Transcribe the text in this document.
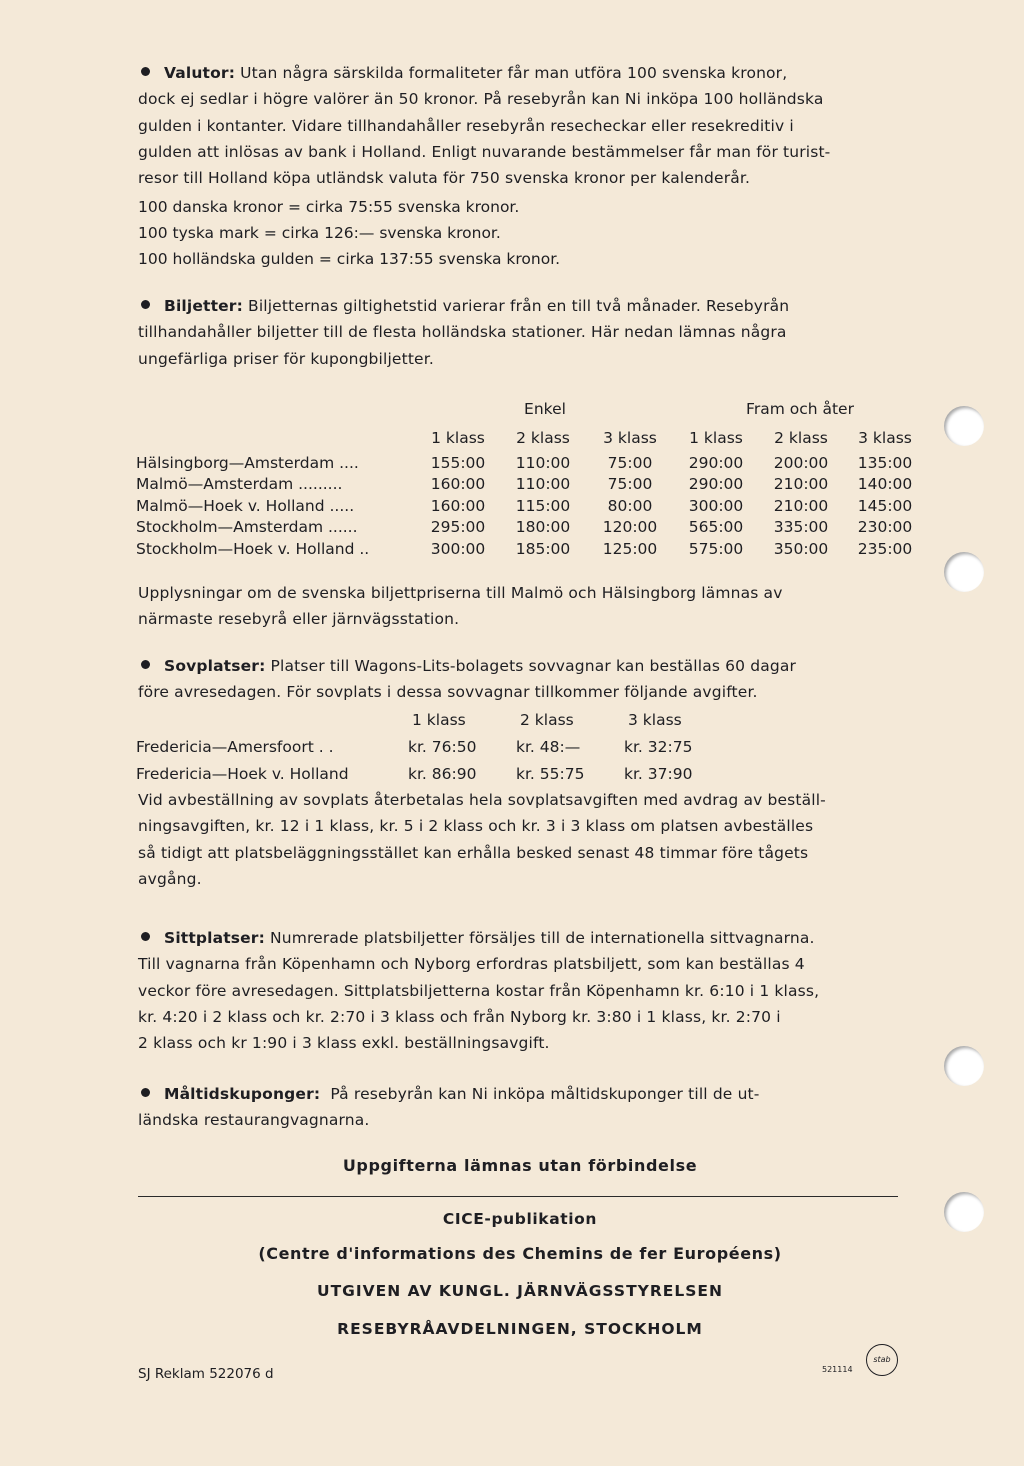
Valutor: Utan några särskilda formaliteter får man utföra 100 svenska kronor,
dock ej sedlar i högre valörer än 50 kronor. På resebyrån kan Ni inköpa 100 holländska
gulden i kontanter. Vidare tillhandahåller resebyrån resecheckar eller resekreditiv i
gulden att inlösas av bank i Holland. Enligt nuvarande bestämmelser får man för turist-
resor till Holland köpa utländsk valuta för 750 svenska kronor per kalenderår.

100 danska kronor = cirka 75:55 svenska kronor.
100 tyska mark = cirka 126:— svenska kronor.
100 holländska gulden = cirka 137:55 svenska kronor.

Biljetter: Biljetternas giltighetstid varierar från en till två månader. Resebyrån
tillhandahåller biljetter till de flesta holländska stationer. Här nedan lämnas några
ungefärliga priser för kupongbiljetter.

	Enkel			Fram och åter		
	1 klass	2 klass	3 klass	1 klass	2 klass	3 klass
Hälsingborg—Amsterdam ....	155:00	110:00	75:00	290:00	200:00	135:00
Malmö—Amsterdam .........	160:00	110:00	75:00	290:00	210:00	140:00
Malmö—Hoek v. Holland .....	160:00	115:00	80:00	300:00	210:00	145:00
Stockholm—Amsterdam ......	295:00	180:00	120:00	565:00	335:00	230:00
Stockholm—Hoek v. Holland ..	300:00	185:00	125:00	575:00	350:00	235:00

Upplysningar om de svenska biljettpriserna till Malmö och Hälsingborg lämnas av
närmaste resebyrå eller järnvägsstation.

Sovplatser: Platser till Wagons-Lits-bolagets sovvagnar kan beställas 60 dagar
före avresedagen. För sovplats i dessa sovvagnar tillkommer följande avgifter.

	1 klass	2 klass	3 klass
Fredericia—Amersfoort . .	kr. 76:50	kr. 48:—	kr. 32:75
Fredericia—Hoek v. Holland	kr. 86:90	kr. 55:75	kr. 37:90

Vid avbeställning av sovplats återbetalas hela sovplatsavgiften med avdrag av beställ-
ningsavgiften, kr. 12 i 1 klass, kr. 5 i 2 klass och kr. 3 i 3 klass om platsen avbeställes
så tidigt att platsbeläggningsstället kan erhålla besked senast 48 timmar före tågets
avgång.

Sittplatser: Numrerade platsbiljetter försäljes till de internationella sittvagnarna.
Till vagnarna från Köpenhamn och Nyborg erfordras platsbiljett, som kan beställas 4
veckor före avresedagen. Sittplatsbiljetterna kostar från Köpenhamn kr. 6:10 i 1 klass,
kr. 4:20 i 2 klass och kr. 2:70 i 3 klass och från Nyborg kr. 3:80 i 1 klass, kr. 2:70 i
2 klass och kr 1:90 i 3 klass exkl. beställningsavgift.

Måltidskuponger: På resebyrån kan Ni inköpa måltidskuponger till de ut-
ländska restaurangvagnarna.

Uppgifterna lämnas utan förbindelse
CICE-publikation
(Centre d'informations des Chemins de fer Européens)
UTGIVEN AV KUNGL. JÄRNVÄGSSTYRELSEN
RESEBYRÅAVDELNINGEN, STOCKHOLM
SJ Reklam 522076 d	521114
stab
